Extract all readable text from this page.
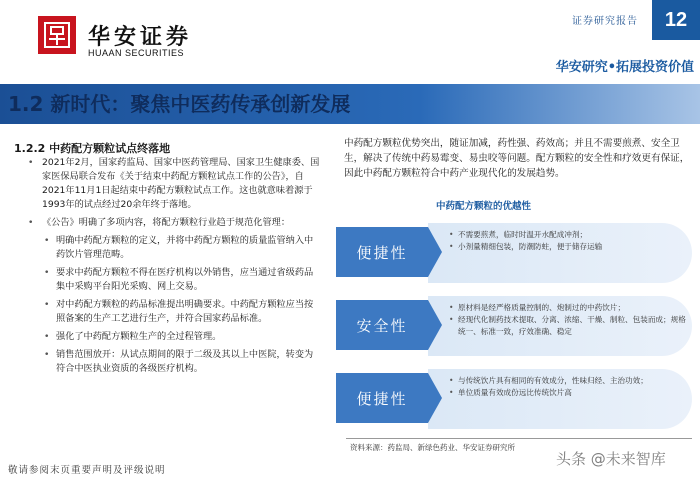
华安证券
HUAAN SECURITIES
证券研究报告	12
华安研究•拓展投资价值
1.2 新时代：聚焦中医药传承创新发展
1.2.2 中药配方颗粒试点终落地
• 2021年2月，国家药监局、国家中医药管理局、国家卫生健康委、国家医保局联合发布《关于结束中药配方颗粒试点工作的公告》，自2021年11月1日起结束中药配方颗粒试点工作。这也就意味着源于1993年的试点经过20余年终于落地。
• 《公告》明确了多项内容，将配方颗粒行业趋于规范化管理：
• 明确中药配方颗粒的定义，并将中药配方颗粒的质量监管纳入中药饮片管理范畴。
• 要求中药配方颗粒不得在医疗机构以外销售，应当通过省级药品集中采购平台阳光采购、网上交易。
• 对中药配方颗粒的药品标准提出明确要求。中药配方颗粒应当按照备案的生产工艺进行生产，并符合国家药品标准。
• 强化了中药配方颗粒生产的全过程管理。
• 销售范围放开：从试点期间的限于二级及其以上中医院，转变为符合中医执业资质的各级医疗机构。
中药配方颗粒优势突出，随证加减，药性强、药效高；并且不需要煎煮、安全卫生，解决了传统中药易霉变、易虫咬等问题。配方颗粒的安全性和疗效更有保证，因此中药配方颗粒符合中药产业现代化的发展趋势。
中药配方颗粒的优越性
便捷性
• 不需要煎煮，临时时温开水配成冲剂；
• 小剂量精细包装，防潮防蛀，便于储存运输
安全性
• 原材料是经严格质量控制的、炮制过的中药饮片；
• 经现代化制药技术提取、分离、浓缩、干燥、制粒、包装而成；规格统一、标准一致，疗效准确、稳定
便捷性
• 与传统饮片具有相同的有效成分，性味归经、主治功效；
• 单位质量有效成份远比传统饮片高
资料来源：药监局、新绿色药业、华安证券研究所
敬请参阅末页重要声明及评级说明
头条 @未来智库
